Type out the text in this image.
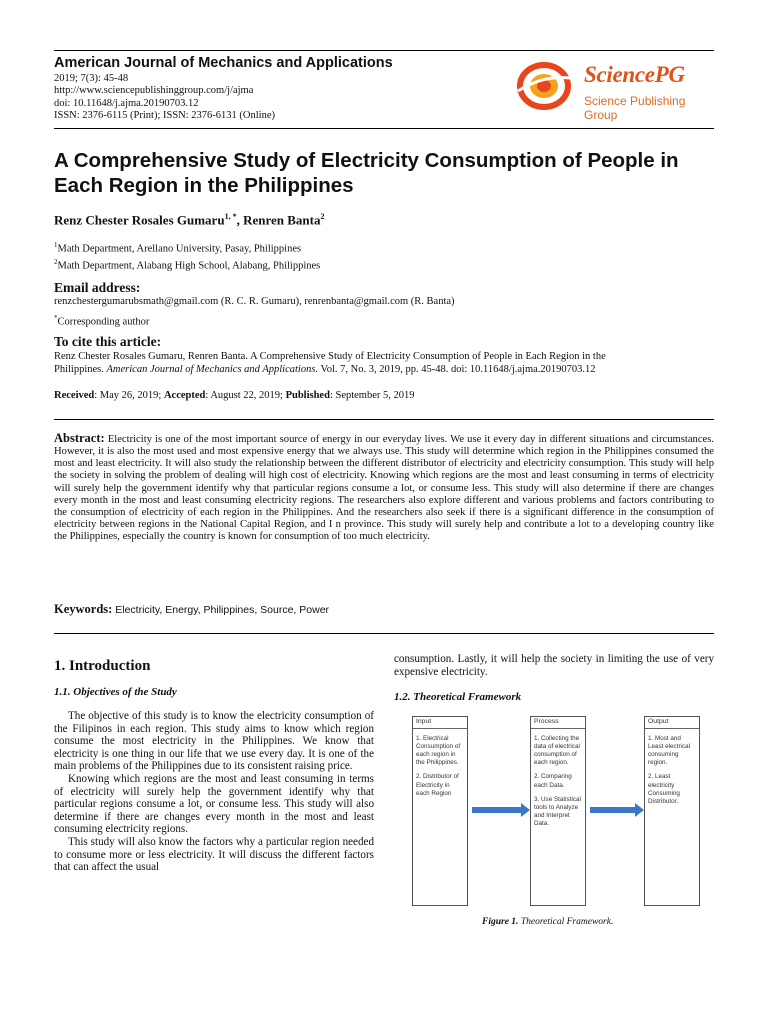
American Journal of Mechanics and Applications
2019; 7(3): 45-48
http://www.sciencepublishinggroup.com/j/ajma
doi: 10.11648/j.ajma.20190703.12
ISSN: 2376-6115 (Print); ISSN: 2376-6131 (Online)
SciencePG
Science Publishing Group
A Comprehensive Study of Electricity Consumption of People in Each Region in the Philippines
Renz Chester Rosales Gumaru$^{1, *}$, Renren Banta$^2$
$^1$Math Department, Arellano University, Pasay, Philippines
$^2$Math Department, Alabang High School, Alabang, Philippines
Email address:
renzchestergumarubsmath@gmail.com (R. C. R. Gumaru), renrenbanta@gmail.com (R. Banta)
*Corresponding author
To cite this article:
Renz Chester Rosales Gumaru, Renren Banta. A Comprehensive Study of Electricity Consumption of People in Each Region in the
Philippines. American Journal of Mechanics and Applications. Vol. 7, No. 3, 2019, pp. 45-48. doi: 10.11648/j.ajma.20190703.12
Received: May 26, 2019; Accepted: August 22, 2019; Published: September 5, 2019
Abstract: Electricity is one of the most important source of energy in our everyday lives. We use it every day in different situations and circumstances. However, it is also the most used and most expensive energy that we always use. This study will determine which region in the Philippines consumed the most and least electricity. It will also study the relationship between the different distributor of electricity and electricity consumption. This study will help the society in solving the problem of dealing will high cost of electricity. Knowing which regions are the most and least consuming in terms of electricity will surely help the government identify why that particular regions consume a lot, or consume less. This study will also determine if there are changes every month in the most and least consuming electricity regions. The researchers also explore different and various problems and factors contributing to the consumption of electricity of each region in the Philippines. And the researchers also seek if there is a significant difference in the consumption of electricity between regions in the National Capital Region, and I n province. This study will surely help and contribute a lot to a developing country like the Philippines, especially the country is known for consumption of too much electricity.
Keywords: Electricity, Energy, Philippines, Source, Power
1. Introduction
1.1. Objectives of the Study

The objective of this study is to know the electricity consumption of the Filipinos in each region. This study aims to know which region consume the most electricity in the Philippines. We know that electricity is one thing in our life that we use every day. It is one of the main problems of the Philippines due to its consistent raising price.

Knowing which regions are the most and least consuming in terms of electricity will surely help the government identify why that particular regions consume a lot, or consume less. This study will also determine if there are changes every month in the most and least consuming electricity regions.

This study will also know the factors why a particular region needed to consume more or less electricity. It will discuss the different factors that can affect the usual

consumption. Lastly, it will help the society in limiting the use of very expensive electricity.

1.2. Theoretical Framework
Input
1. Electrical Consumption of each region in the Philippines.
2. Distributor of Electricity in each Region
Process
1. Collecting the data of electrical consumption of each region.
2. Comparing each Data.
3. Use Statistical tools to Analyze and Interpret Data.
Output
1. Most and Least electrical consuming region.
2. Least electricity Consuming Distributor.
Figure 1. Theoretical Framework.
